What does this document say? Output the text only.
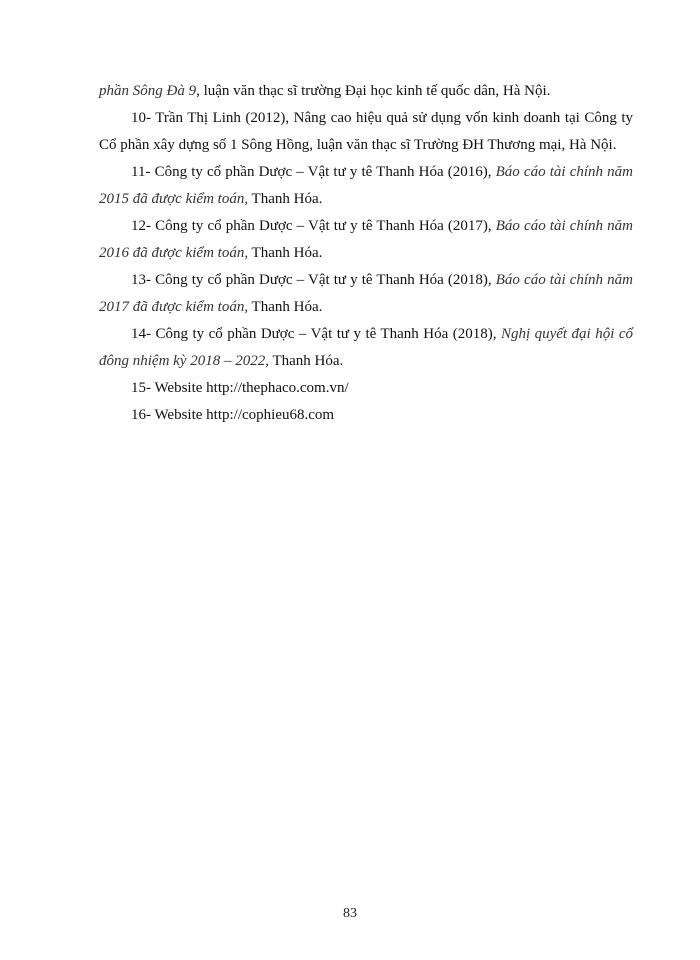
phần Sông Đà 9, luận văn thạc sĩ trường Đại học kinh tế quốc dân, Hà Nội.

10- Trần Thị Linh (2012), Nâng cao hiệu quả sử dụng vốn kinh doanh tại Công ty Cổ phần xây dựng số 1 Sông Hồng, luận văn thạc sĩ Trường ĐH Thương mại, Hà Nội.

11- Công ty cổ phần Dược – Vật tư y tê Thanh Hóa (2016), Báo cáo tài chính năm 2015 đã được kiểm toán, Thanh Hóa.

12- Công ty cổ phần Dược – Vật tư y tê Thanh Hóa (2017), Báo cáo tài chính năm 2016 đã được kiểm toán, Thanh Hóa.

13- Công ty cổ phần Dược – Vật tư y tê Thanh Hóa (2018), Báo cáo tài chính năm 2017 đã được kiểm toán, Thanh Hóa.

14- Công ty cổ phần Dược – Vật tư y tê Thanh Hóa (2018), Nghị quyết đại hội cổ đông nhiệm kỳ 2018 – 2022, Thanh Hóa.

15- Website http://thephaco.com.vn/

16- Website http://cophieu68.com

83
